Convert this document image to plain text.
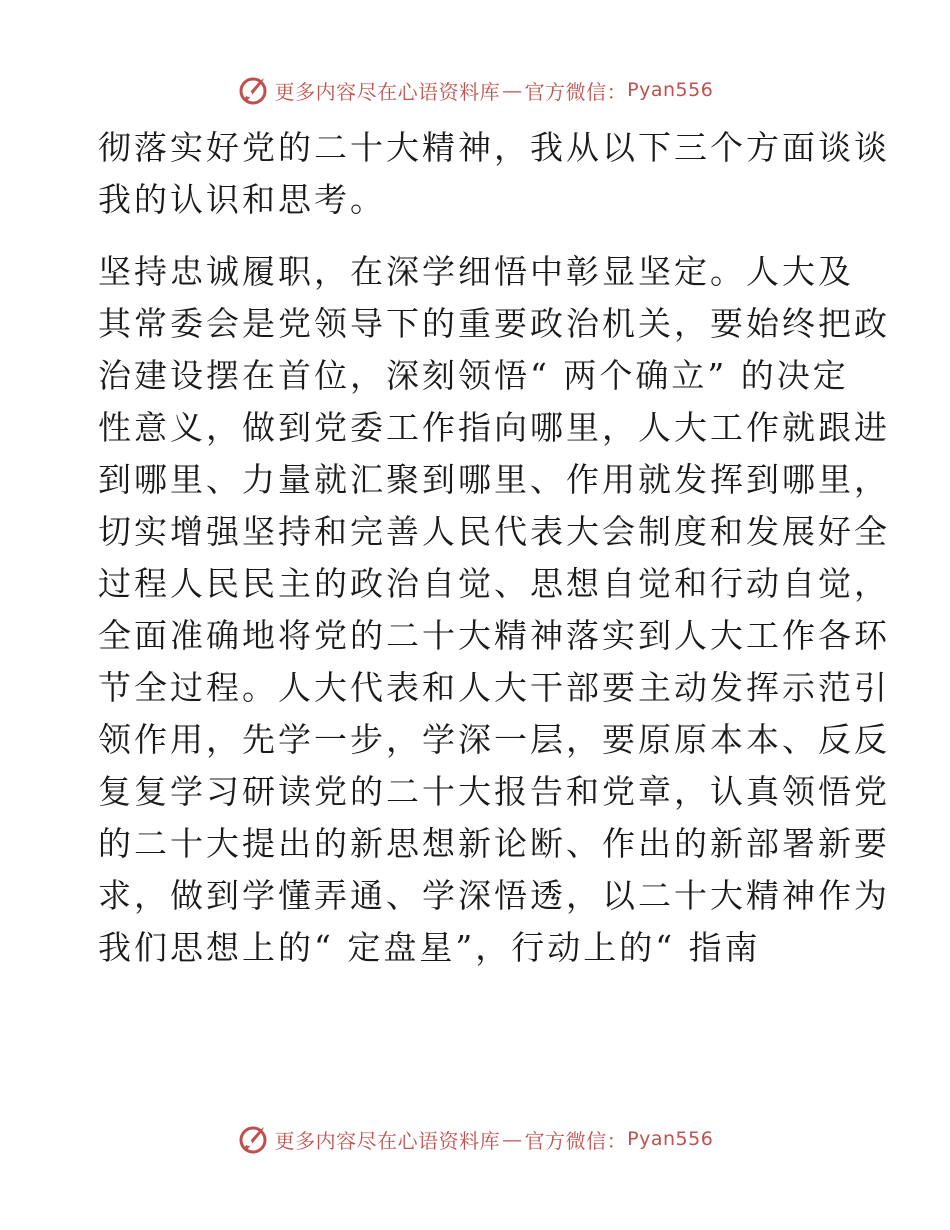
更多内容尽在心语资料库 — 官方微信： Pyan556
彻落实好党的二十大精神，我从以下三个方面谈谈
我的认识和思考。
坚持忠诚履职，在深学细悟中彰显坚定。人大及
其常委会是党领导下的重要政治机关，要始终把政
治建设摆在首位，深刻领悟“ 两个确立” 的决定
性意义，做到党委工作指向哪里，人大工作就跟进
到哪里、力量就汇聚到哪里、作用就发挥到哪里，
切实增强坚持和完善人民代表大会制度和发展好全
过程人民民主的政治自觉、思想自觉和行动自觉，
全面准确地将党的二十大精神落实到人大工作各环
节全过程。人大代表和人大干部要主动发挥示范引
领作用，先学一步，学深一层，要原原本本、反反
复复学习研读党的二十大报告和党章，认真领悟党
的二十大提出的新思想新论断、作出的新部署新要
求，做到学懂弄通、学深悟透，以二十大精神作为
我们思想上的“ 定盘星”，行动上的“ 指南
更多内容尽在心语资料库 — 官方微信： Pyan556
